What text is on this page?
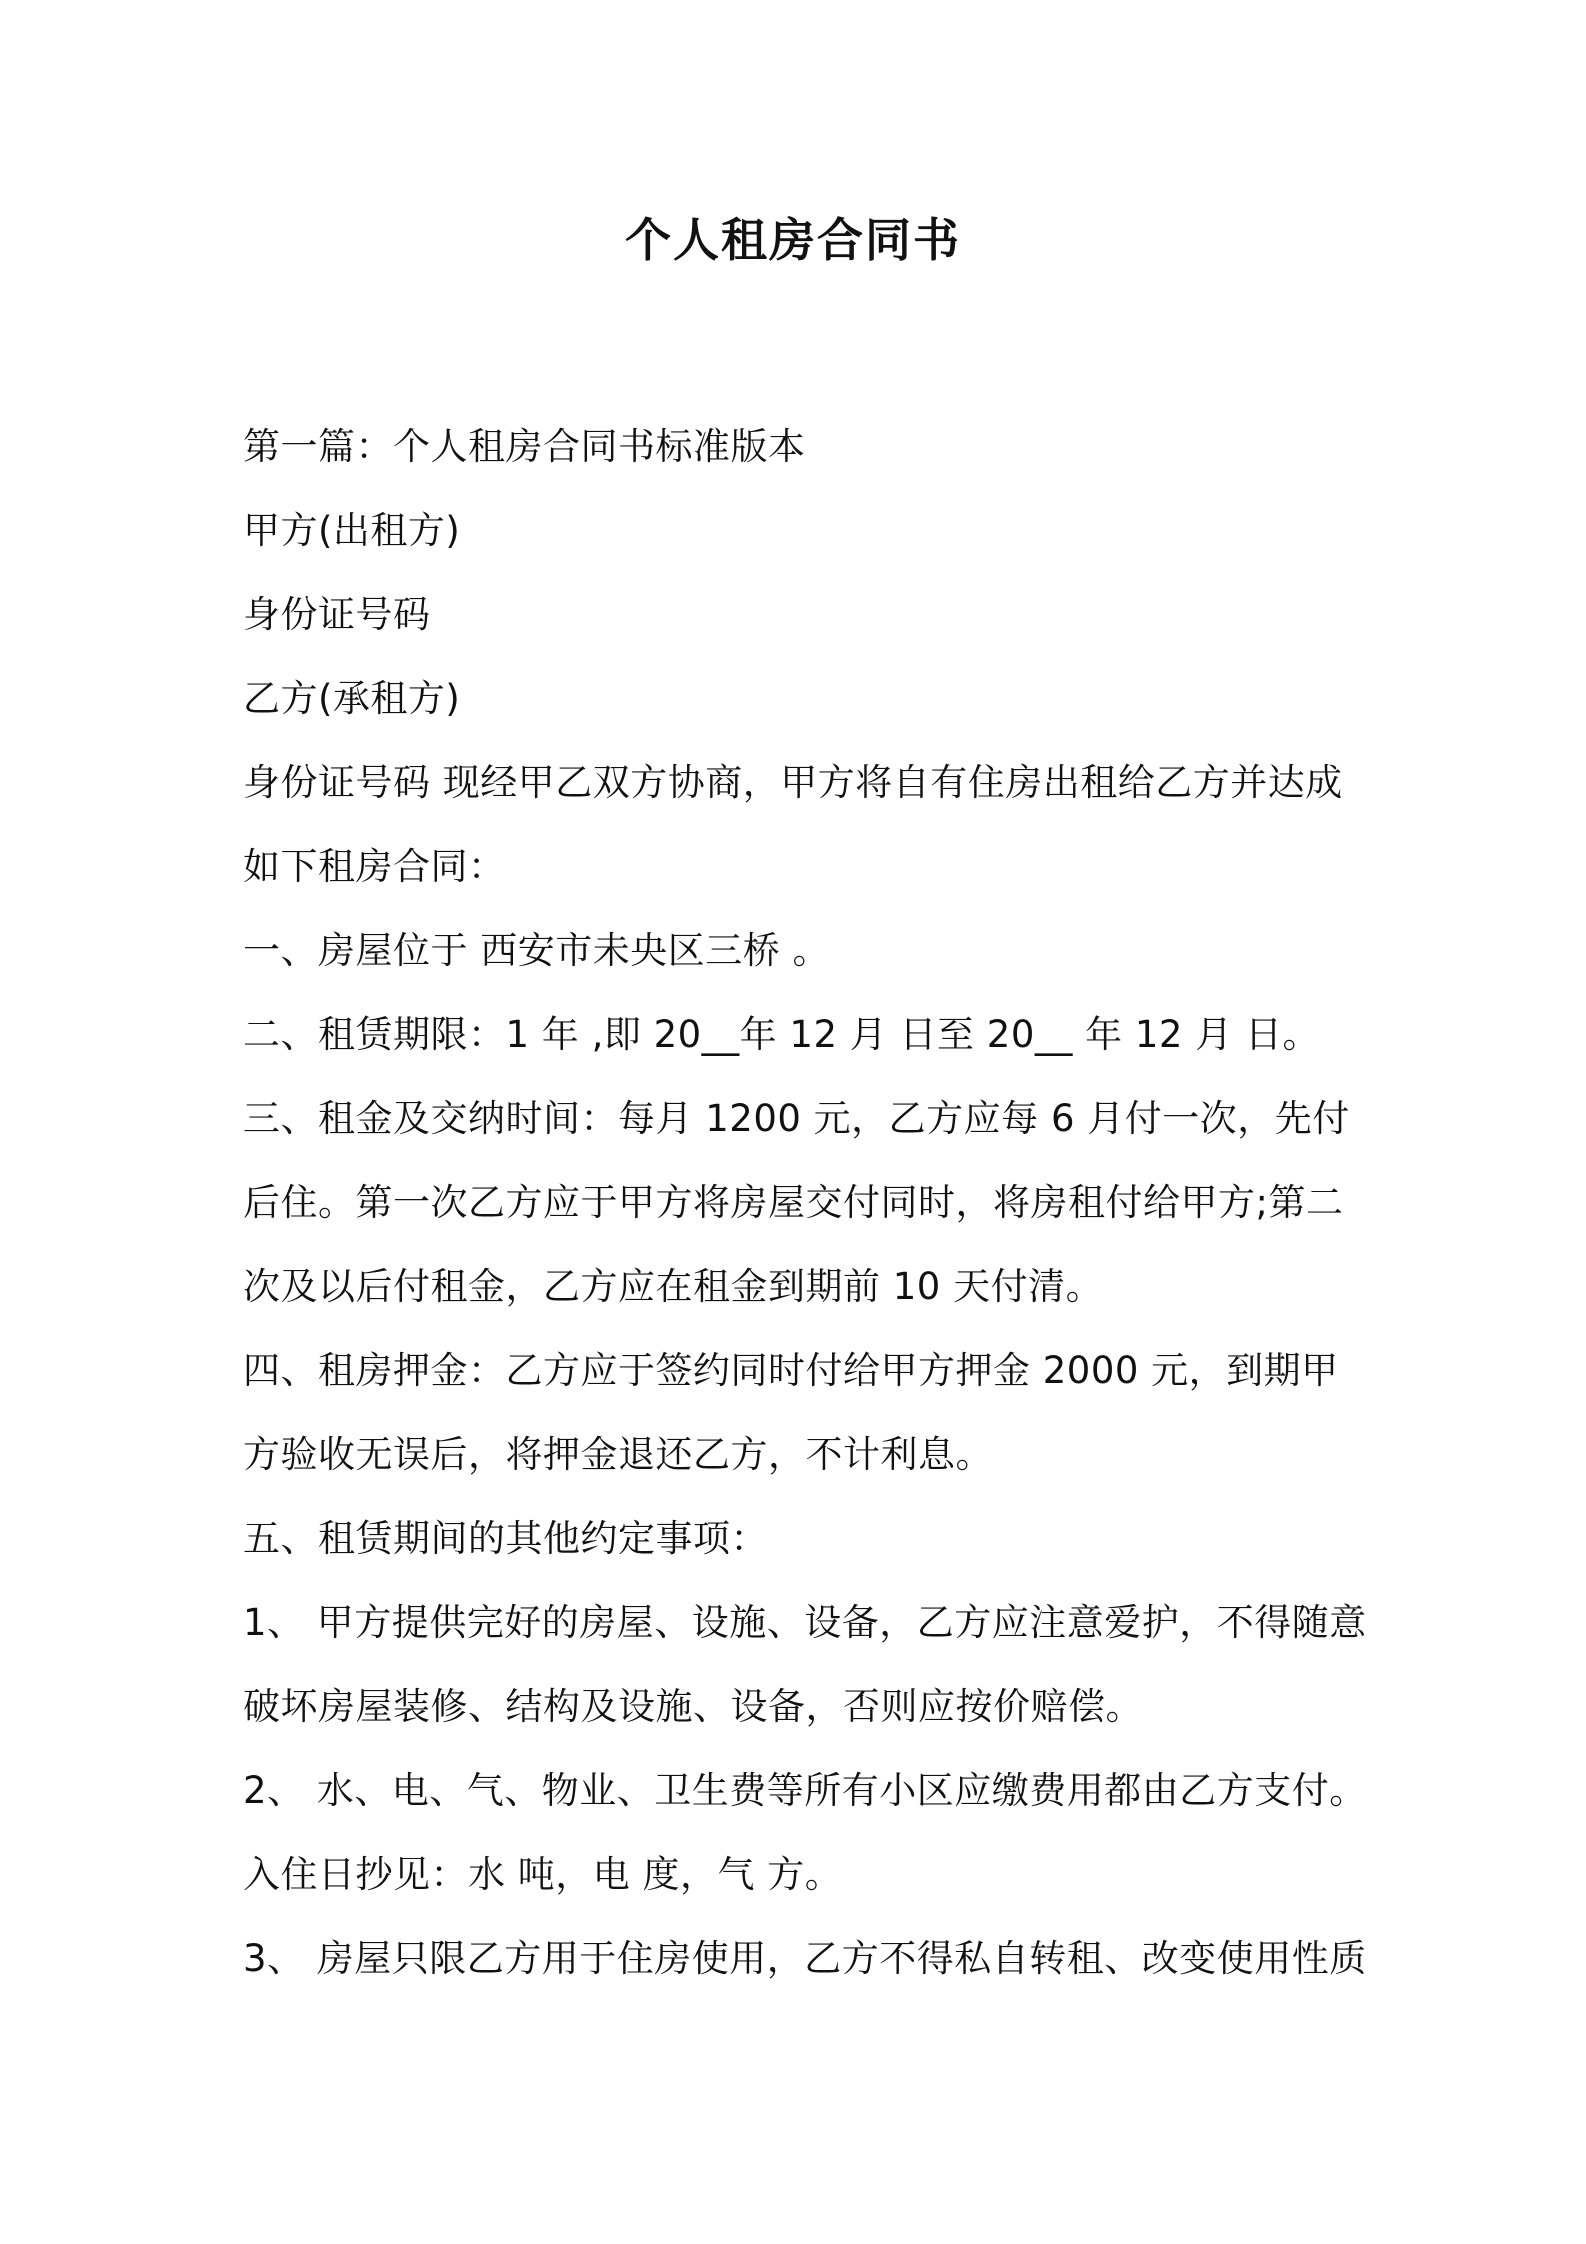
个人租房合同书
第一篇：个人租房合同书标准版本
甲方(出租方)
身份证号码
乙方(承租方)
身份证号码 现经甲乙双方协商，甲方将自有住房出租给乙方并达成
如下租房合同：
一、房屋位于 西安市未央区三桥 。
二、租赁期限：1 年 ,即 20__年 12 月 日至 20__ 年 12 月 日。
三、租金及交纳时间：每月 1200 元，乙方应每 6 月付一次，先付
后住。第一次乙方应于甲方将房屋交付同时，将房租付给甲方;第二
次及以后付租金，乙方应在租金到期前 10 天付清。
四、租房押金：乙方应于签约同时付给甲方押金 2000 元，到期甲
方验收无误后，将押金退还乙方，不计利息。
五、租赁期间的其他约定事项：
1、 甲方提供完好的房屋、设施、设备，乙方应注意爱护，不得随意
破坏房屋装修、结构及设施、设备，否则应按价赔偿。
2、 水、电、气、物业、卫生费等所有小区应缴费用都由乙方支付。
入住日抄见：水 吨，电 度，气 方。
3、 房屋只限乙方用于住房使用，乙方不得私自转租、改变使用性质
